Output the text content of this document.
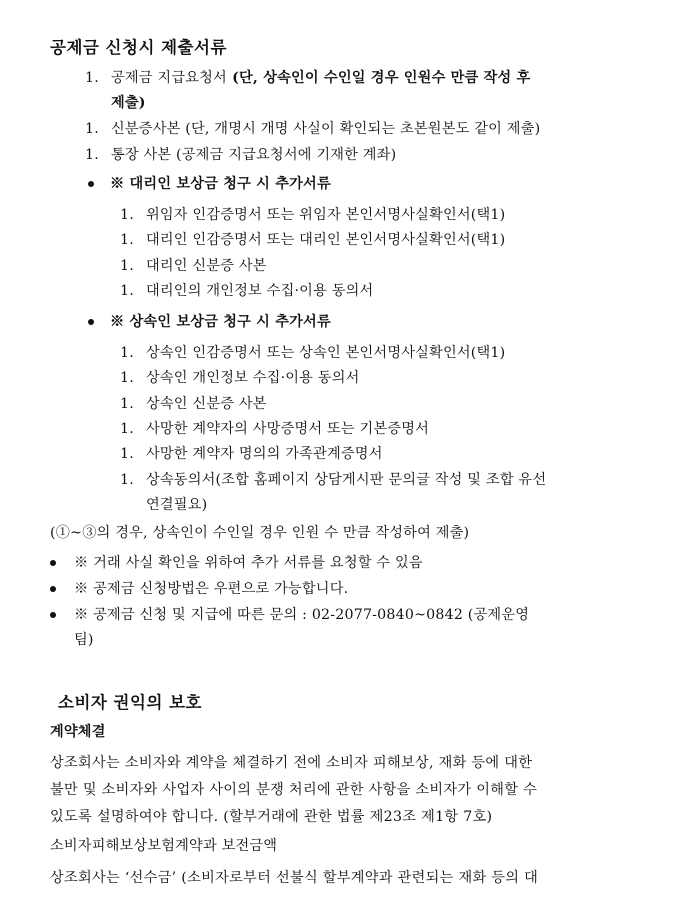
공제금 신청시 제출서류
1. 공제금 지급요청서 (단, 상속인이 수인일 경우 인원수 만큼 작성 후
제출)
1. 신분증사본 (단, 개명시 개명 사실이 확인되는 초본원본도 같이 제출)
1. 통장 사본 (공제금 지급요청서에 기재한 계좌)
※ 대리인 보상금 청구 시 추가서류
1. 위임자 인감증명서 또는 위임자 본인서명사실확인서(택1)
1. 대리인 인감증명서 또는 대리인 본인서명사실확인서(택1)
1. 대리인 신분증 사본
1. 대리인의 개인정보 수집·이용 동의서
※ 상속인 보상금 청구 시 추가서류
1. 상속인 인감증명서 또는 상속인 본인서명사실확인서(택1)
1. 상속인 개인정보 수집·이용 동의서
1. 상속인 신분증 사본
1. 사망한 계약자의 사망증명서 또는 기본증명서
1. 사망한 계약자 명의의 가족관계증명서
1. 상속동의서(조합 홈페이지 상담게시판 문의글 작성 및 조합 유선
연결필요)
(①~③의 경우, 상속인이 수인일 경우 인원 수 만큼 작성하여 제출)
※ 거래 사실 확인을 위하여 추가 서류를 요청할 수 있음
※ 공제금 신청방법은 우편으로 가능합니다.
※ 공제금 신청 및 지급에 따른 문의 : 02-2077-0840~0842 (공제운영
팀)
소비자 권익의 보호
계약체결
상조회사는 소비자와 계약을 체결하기 전에 소비자 피해보상, 재화 등에 대한
불만 및 소비자와 사업자 사이의 분쟁 처리에 관한 사항을 소비자가 이해할 수
있도록 설명하여야 합니다. (할부거래에 관한 법률 제23조 제1항 7호)
소비자피해보상보험계약과 보전금액
상조회사는 ‘선수금’ (소비자로부터 선불식 할부계약과 관련되는 재화 등의 대
